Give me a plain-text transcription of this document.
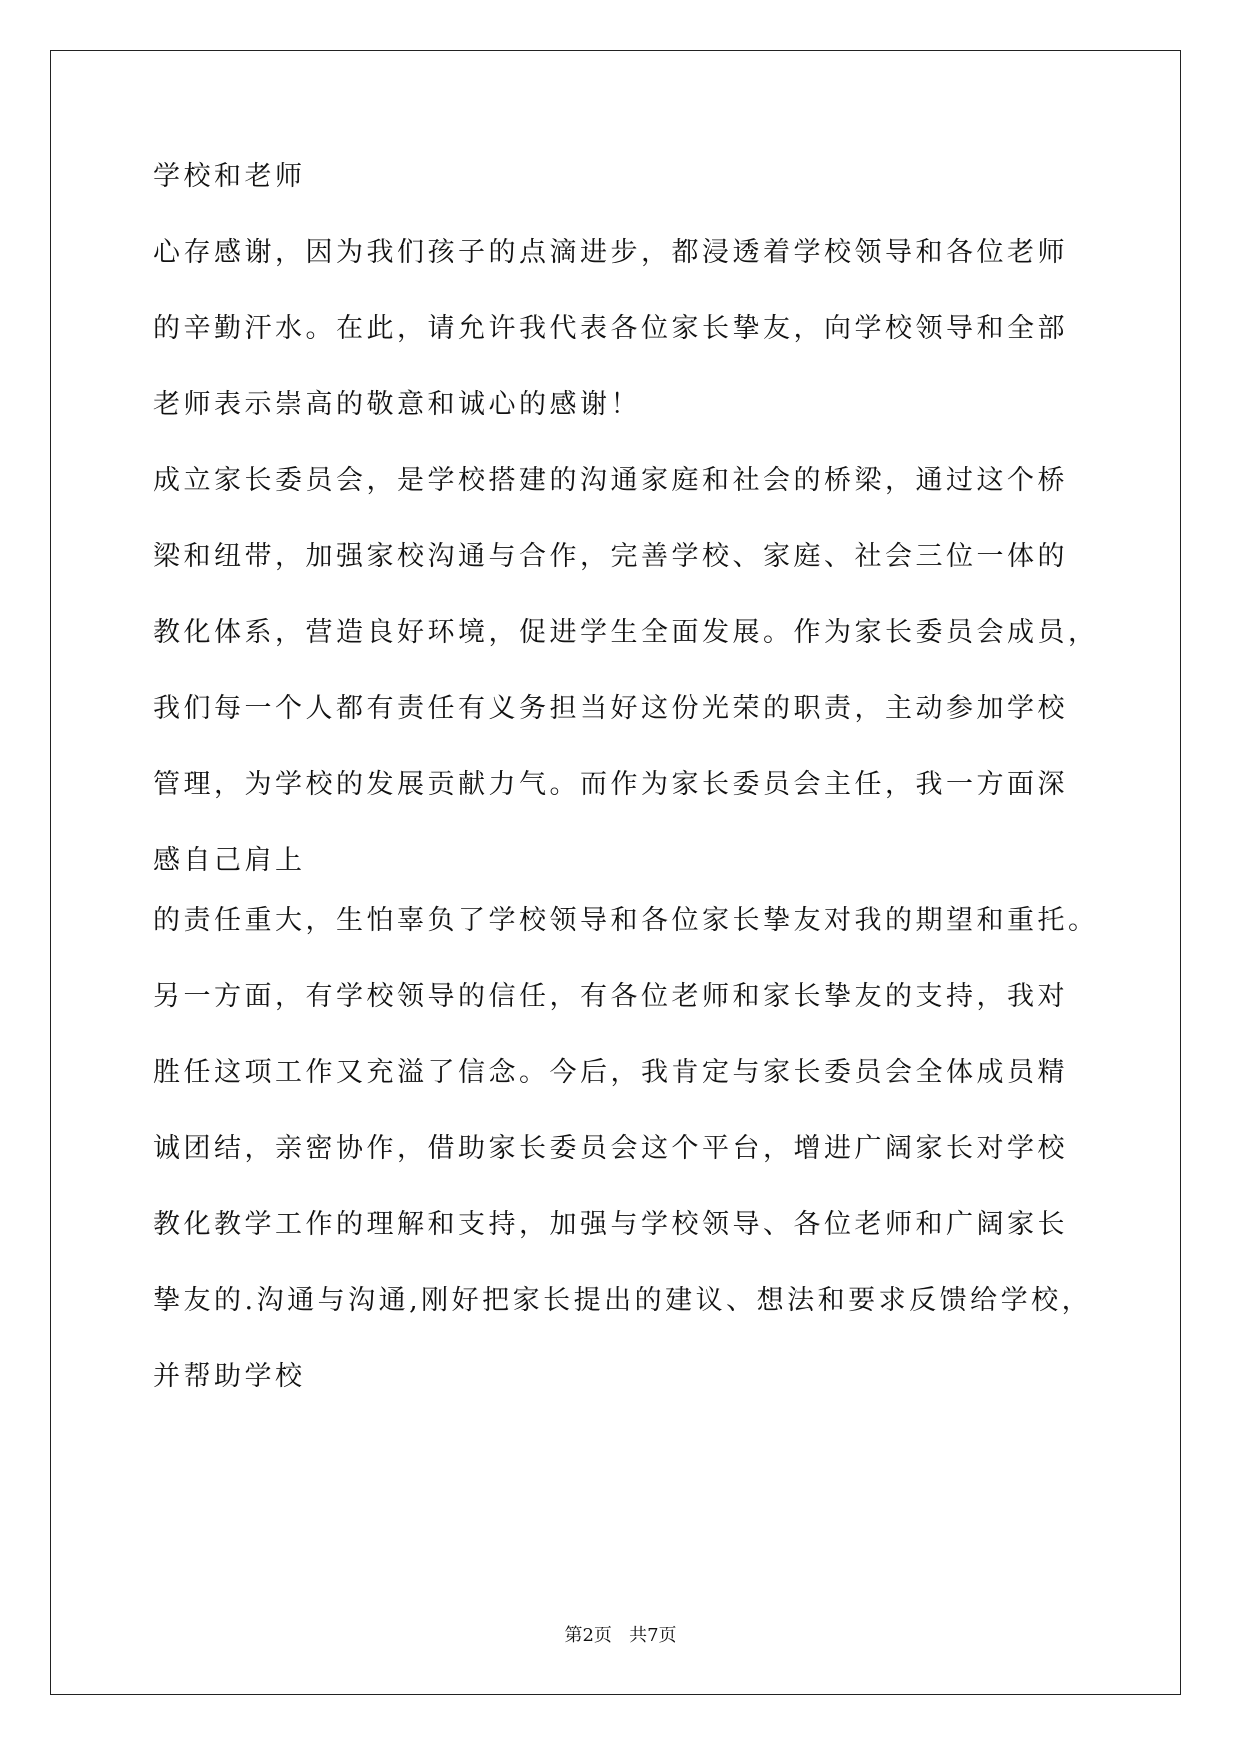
学校和老师
心存感谢，因为我们孩子的点滴进步，都浸透着学校领导和各位老师
的辛勤汗水。在此，请允许我代表各位家长挚友，向学校领导和全部
老师表示崇高的敬意和诚心的感谢！
成立家长委员会，是学校搭建的沟通家庭和社会的桥梁，通过这个桥
梁和纽带，加强家校沟通与合作，完善学校、家庭、社会三位一体的
教化体系，营造良好环境，促进学生全面发展。作为家长委员会成员，
我们每一个人都有责任有义务担当好这份光荣的职责，主动参加学校
管理，为学校的发展贡献力气。而作为家长委员会主任，我一方面深
感自己肩上
的责任重大，生怕辜负了学校领导和各位家长挚友对我的期望和重托。
另一方面，有学校领导的信任，有各位老师和家长挚友的支持，我对
胜任这项工作又充溢了信念。今后，我肯定与家长委员会全体成员精
诚团结，亲密协作，借助家长委员会这个平台，增进广阔家长对学校
教化教学工作的理解和支持，加强与学校领导、各位老师和广阔家长
挚友的.沟通与沟通,刚好把家长提出的建议、想法和要求反馈给学校，
并帮助学校
第2页   共7页
